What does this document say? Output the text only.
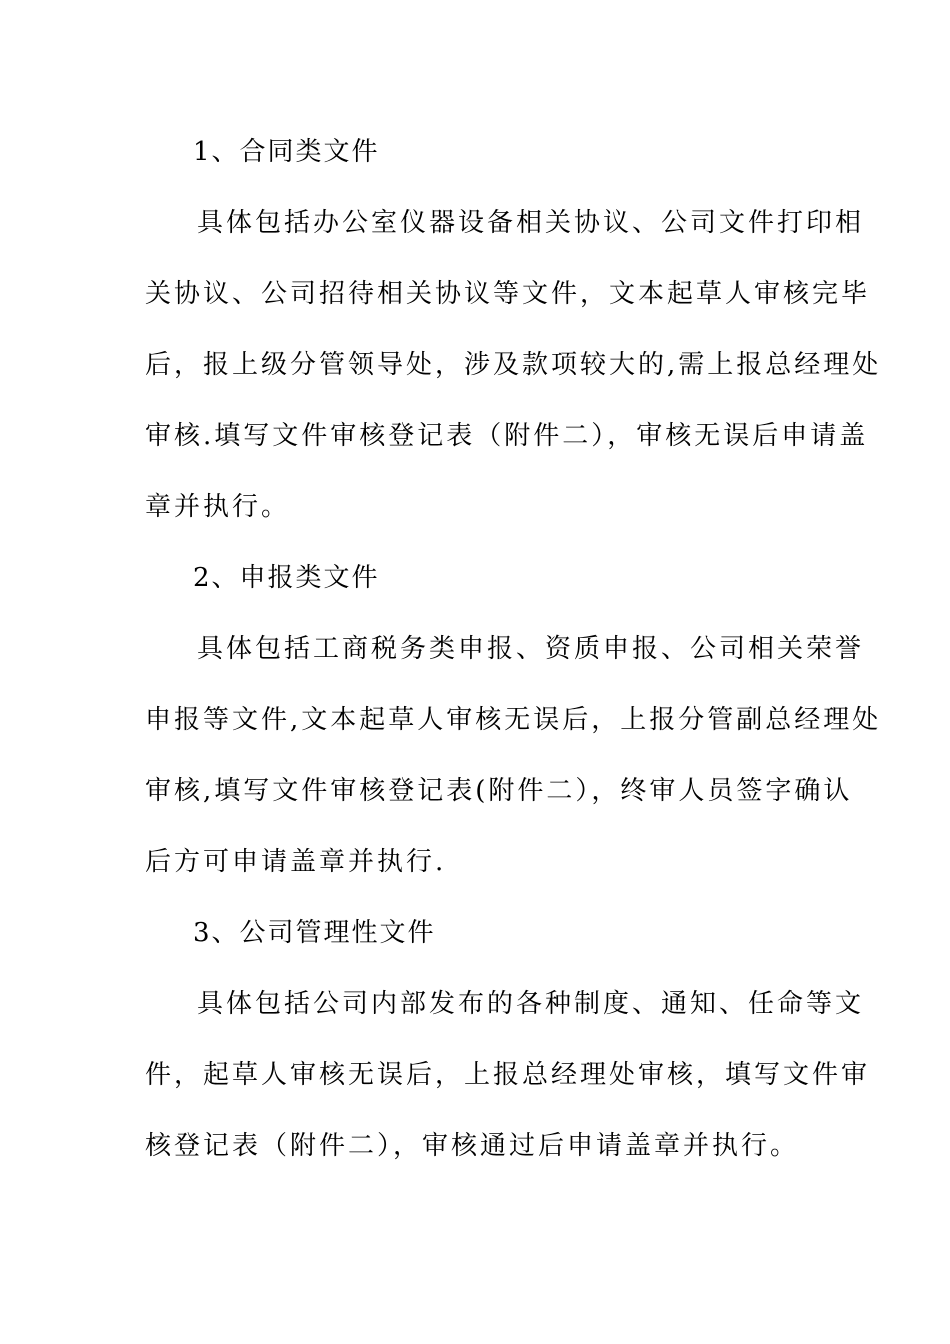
1、合同类文件
具体包括办公室仪器设备相关协议、公司文件打印相
关协议、公司招待相关协议等文件，文本起草人审核完毕
后，报上级分管领导处，涉及款项较大的,需上报总经理处
审核.填写文件审核登记表（附件二），审核无误后申请盖
章并执行。
2、申报类文件
具体包括工商税务类申报、资质申报、公司相关荣誉
申报等文件,文本起草人审核无误后，上报分管副总经理处
审核,填写文件审核登记表(附件二），终审人员签字确认
后方可申请盖章并执行.
3、公司管理性文件
具体包括公司内部发布的各种制度、通知、任命等文
件，起草人审核无误后，上报总经理处审核，填写文件审
核登记表（附件二），审核通过后申请盖章并执行。
